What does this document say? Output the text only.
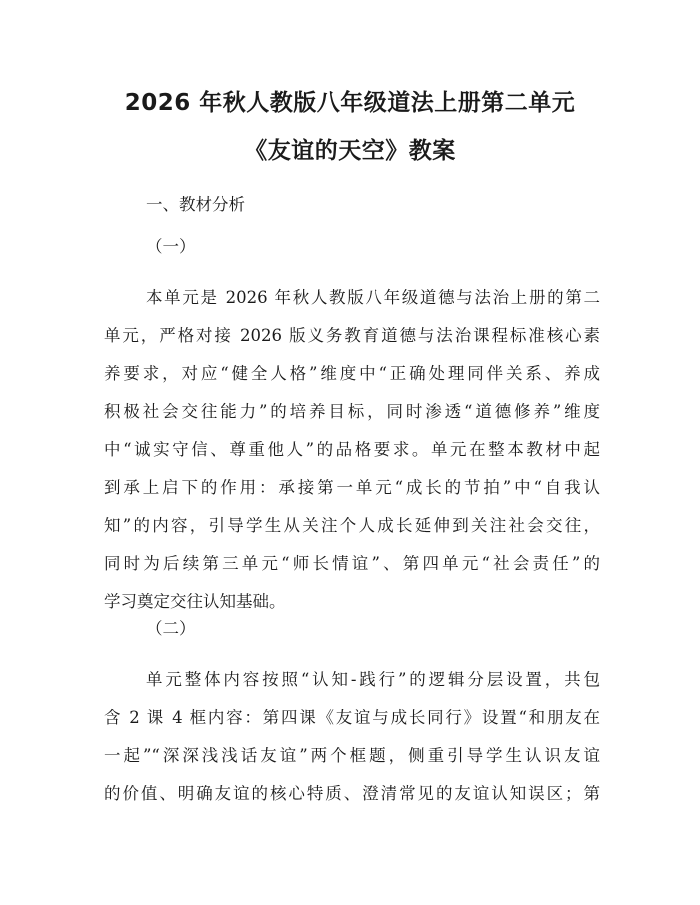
2026 年秋人教版八年级道法上册第二单元
《友谊的天空》教案
一、教材分析
（一）
本单元是 2026 年秋人教版八年级道德与法治上册的第二
单元，严格对接 2026 版义务教育道德与法治课程标准核心素
养要求，对应“健全人格”维度中“正确处理同伴关系、养成
积极社会交往能力”的培养目标，同时渗透“道德修养”维度
中“诚实守信、尊重他人”的品格要求。单元在整本教材中起
到承上启下的作用：承接第一单元“成长的节拍”中“自我认
知”的内容，引导学生从关注个人成长延伸到关注社会交往，
同时为后续第三单元“师长情谊”、第四单元“社会责任”的
学习奠定交往认知基础。
（二）
单元整体内容按照“认知-践行”的逻辑分层设置，共包
含 2 课 4 框内容：第四课《友谊与成长同行》设置“和朋友在
一起”“深深浅浅话友谊”两个框题，侧重引导学生认识友谊
的价值、明确友谊的核心特质、澄清常见的友谊认知误区；第
